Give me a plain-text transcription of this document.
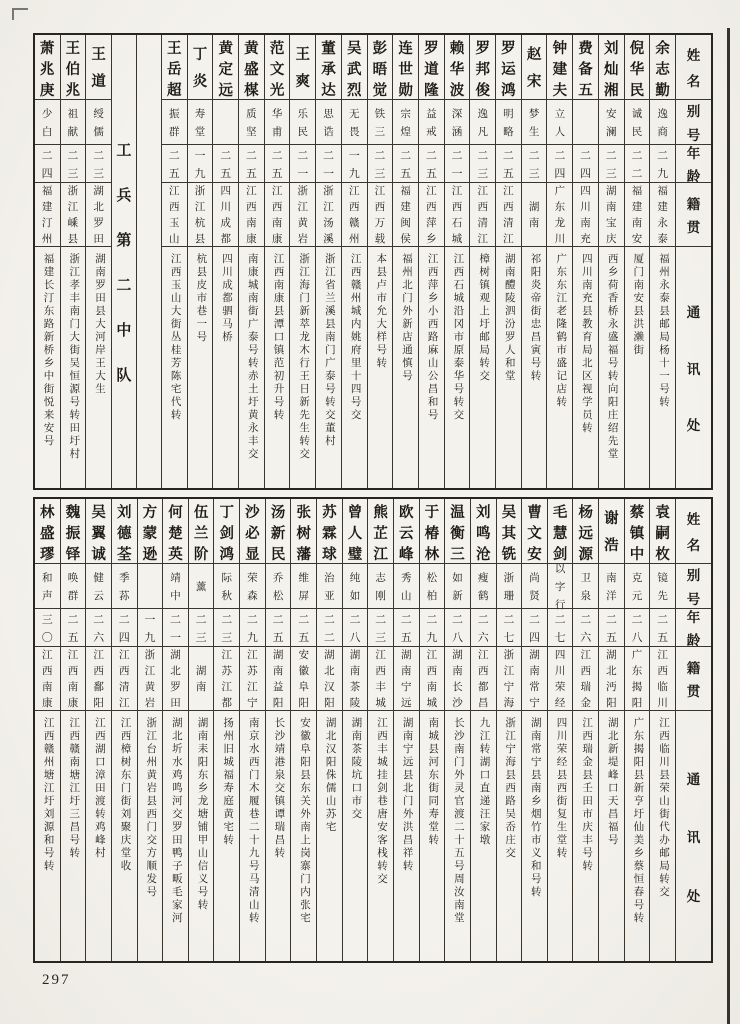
姓
名
别
号
年
龄
籍
贯
通
讯
处
余
志
勤
逸
商
二
九
福
建
永
泰
福州永泰县邮局杨十一号转
倪
华
民
诚
民
二
二
福
建
南
安
厦门南安县洪濑街
刘
灿
湘
安
澜
二
三
湖
南
宝
庆
西乡荷香桥永盛福号转向阳庄绍先堂
费
备
五
二
四
四
川
南
充
四川南充县教育局北区视学员转
钟
建
夫
立
人
二
四
广
东
龙
川
广东东江老隆鹤市盛记店转
赵
宋
梦
生
二
三
湖
南
祁阳炎帝街忠昌寅号转
罗
运
鸿
明
略
二
五
江
西
清
江
湖南醴陵泗汾罗人和堂
罗
邦
俊
逸
凡
二
三
江
西
清
江
樟树镇观上圩邮局转交
赖
华
波
深
涵
二
一
江
西
石
城
江西石城沿冈市原泰华号转交
罗
道
隆
益
戒
二
五
江
西
萍
乡
江西萍乡小西路麻山公昌和号
连
世
勋
宗
煌
二
五
福
建
闽
侯
福州北门外新店通慎号
彭
晤
觉
铁
三
二
三
江
西
万
载
本县卢市允大样号转
吴
武
烈
无
畏
一
九
江
西
赣
州
江西赣州城内姚府里十四号交
董
承
达
思
诰
二
一
浙
江
汤
溪
浙江省兰溪县南门广泰号转交董村
王
爽
乐
民
二
一
浙
江
黄
岩
浙江海门新萃龙木行王日新先生转交
范
文
光
华
甫
二
五
江
西
南
康
江西南康县潭口镇范初升号转
黄
盛
楳
质
坚
二
五
江
西
南
康
南康城南街广泰号转赤土圩黄永丰交
黄
定
远
二
五
四
川
成
都
四川成都驷马桥
丁
炎
寿
堂
一
九
浙
江
杭
县
杭县皮市巷一号
王
岳
超
振
群
二
五
江
西
玉
山
江西玉山大街丛桂芳陈宅代转
工
兵
第
二
中
队
王
道
绶
儒
二
三
湖
北
罗
田
湖南罗田县大河岸王大生
王
伯
兆
祖
献
二
三
浙
江
嵊
县
浙江孝丰南门大街吴恒源号转田圩村
萧
兆
庚
少
白
二
四
福
建
汀
州
福建长汀东路新桥乡中街悦来安号
姓
名
别
号
年
龄
籍
贯
通
讯
处
袁
嗣
枚
镜
先
二
五
江
西
临
川
江西临川县荣山街代办邮局转交
蔡
镇
中
克
元
二
八
广
东
揭
阳
广东揭阳县新亨圩仙美乡蔡恒春号转
谢
浩
南
洋
二
五
湖
北
沔
阳
湖北新堤峰口天昌福号
杨
远
源
卫
泉
二
六
江
西
瑞
金
江西瑞金县壬田市庆丰号转
毛
慧
剑
以
字
行
二
七
四
川
荣
经
四川荣经县西街复生堂转
曹
文
安
尚
贤
二
四
湖
南
常
宁
湖南常宁县南乡烟竹市义和号转
吴
其
铣
浙
珊
二
七
浙
江
宁
海
浙江宁海县西路吴岙庄交
刘
鸣
沧
瘦
鹤
二
六
江
西
都
昌
九江转湖口直递汪家墩
温
衡
三
如
新
二
八
湖
南
长
沙
长沙南门外灵官渡二十五号周汝南堂
于
椿
林
松
柏
二
九
江
西
南
城
南城县河东街同寿堂转
欧
云
峰
秀
山
二
五
湖
南
宁
远
湖南宁远县北门外洪昌祥转
熊
芷
江
志
刚
二
三
江
西
丰
城
江西丰城挂剑巷唐安客栈转交
曾
人
璧
纯
如
二
八
湖
南
茶
陵
湖南茶陵坑口市交
苏
霖
球
治
亚
二
二
湖
北
汉
阳
湖北汉阳侏儒山苏宅
张
树
藩
维
屏
二
五
安
徽
阜
阳
安徽阜阳县东关外南上岗寨门内张宅
汤
新
民
乔
松
二
五
湖
南
益
阳
长沙靖港泉交镇谭瑞昌转
沙
必
显
荣
森
二
九
江
苏
江
宁
南京水西门木履巷二十九号马清山转
丁
剑
鸿
际
秋
二
三
江
苏
江
都
扬州旧城福寿庭黄宅转
伍
兰
阶
薰
二
三
湖
南
湖南耒阳东乡龙塘铺甲山信义号转
何
楚
英
靖
中
二
一
湖
北
罗
田
湖北圻水鸡鸣河交罗田鸭子畈毛家河
方
蒙
逊
一
九
浙
江
黄
岩
浙江台州黄岩县西门交方顺发号
刘
德
荃
季
荪
二
四
江
西
清
江
江西樟树东门街刘聚庆堂收
吴
翼
诚
健
云
二
六
江
西
鄱
阳
江西湖口漳田渡转鸡峰村
魏
振
铎
唤
群
二
五
江
西
南
康
江西赣南塘江圩三昌号转
林
盛
璆
和
声
三
〇
江
西
南
康
江西赣州塘江圩刘源和号转
297
